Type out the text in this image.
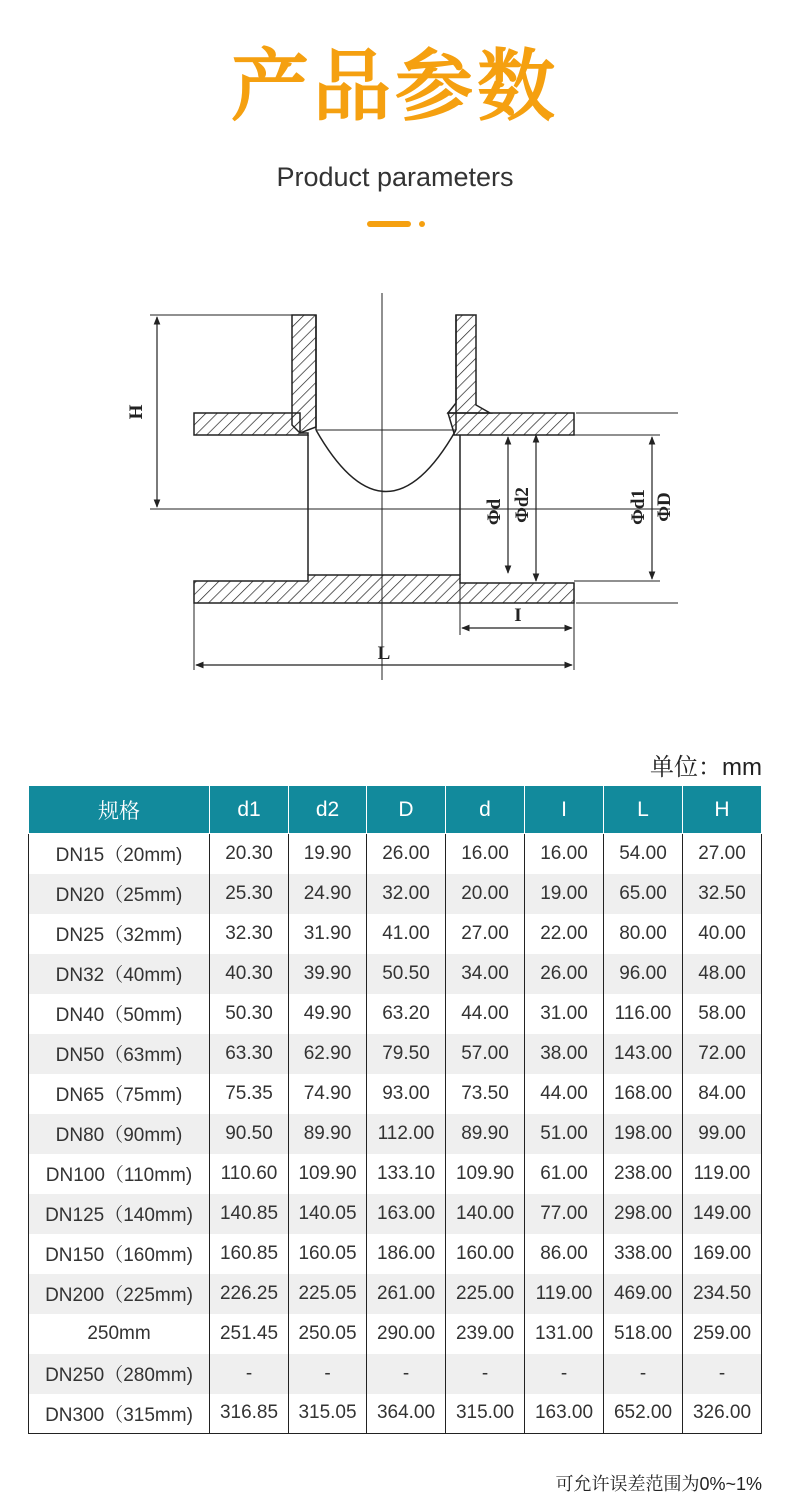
产品参数
Product parameters
H
L
I
Φd Φd2	Φd1 ΦD
单位：mm
规格	d1	d2	D	d	I	L	H
DN15（20mm)	20.30	19.90	26.00	16.00	16.00	54.00	27.00
DN20（25mm)	25.30	24.90	32.00	20.00	19.00	65.00	32.50
DN25（32mm)	32.30	31.90	41.00	27.00	22.00	80.00	40.00
DN32（40mm)	40.30	39.90	50.50	34.00	26.00	96.00	48.00
DN40（50mm)	50.30	49.90	63.20	44.00	31.00	116.00	58.00
DN50（63mm)	63.30	62.90	79.50	57.00	38.00	143.00	72.00
DN65（75mm)	75.35	74.90	93.00	73.50	44.00	168.00	84.00
DN80（90mm)	90.50	89.90	112.00	89.90	51.00	198.00	99.00
DN100（110mm)	110.60	109.90	133.10	109.90	61.00	238.00	119.00
DN125（140mm)	140.85	140.05	163.00	140.00	77.00	298.00	149.00
DN150（160mm)	160.85	160.05	186.00	160.00	86.00	338.00	169.00
DN200（225mm)	226.25	225.05	261.00	225.00	119.00	469.00	234.50
250mm	251.45	250.05	290.00	239.00	131.00	518.00	259.00
DN250（280mm)	-	-	-	-	-	-	-
DN300（315mm)	316.85	315.05	364.00	315.00	163.00	652.00	326.00
可允许误差范围为0%~1%
